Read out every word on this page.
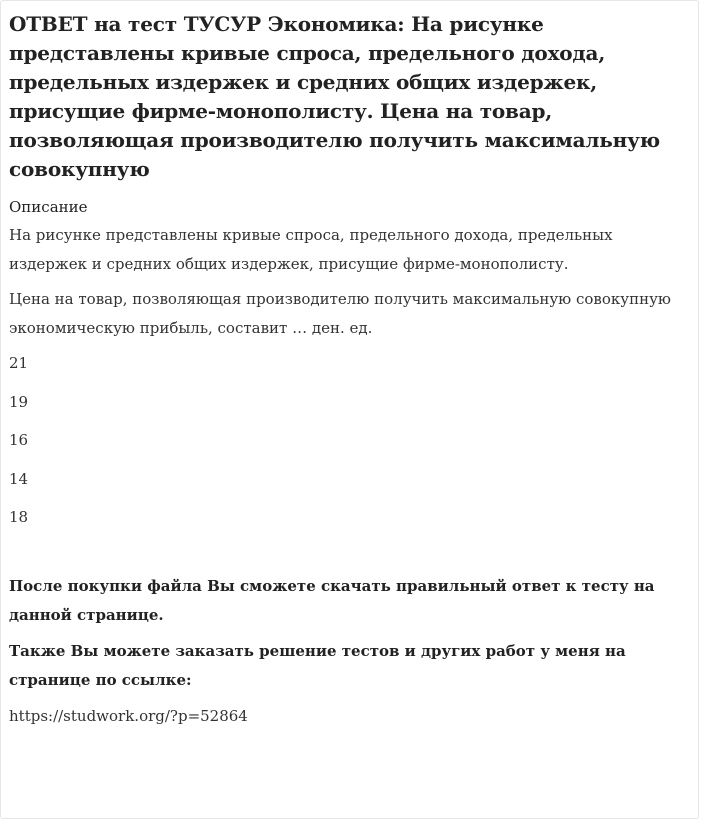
ОТВЕТ на тест ТУСУР Экономика: На рисунке представлены кривые спроса, предельного дохода, предельных издержек и средних общих издержек, присущие фирме-монополисту. Цена на товар, позволяющая производителю получить максимальную совокупную
Описание

На рисунке представлены кривые спроса, предельного дохода, предельных издержек и средних общих издержек, присущие фирме-монополисту.

Цена на товар, позволяющая производителю получить максимальную совокупную экономическую прибыль, составит … ден. ед.

21
19
16
14
18

После покупки файла Вы сможете скачать правильный ответ к тесту на данной странице.

Также Вы можете заказать решение тестов и других работ у меня на странице по ссылке:

https://studwork.org/?p=52864
